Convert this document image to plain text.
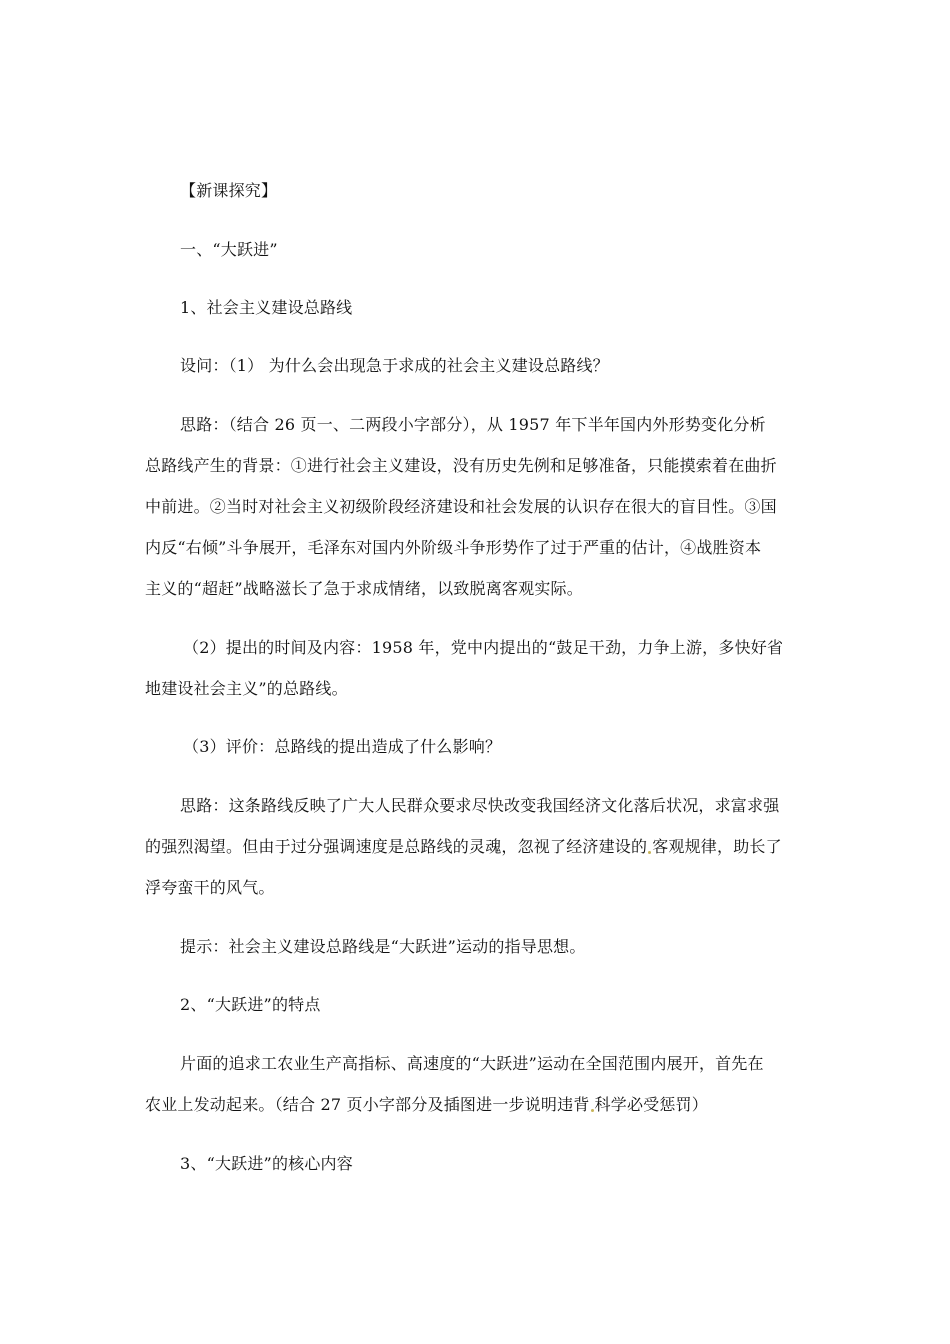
【新课探究】
一、“大跃进”
1、社会主义建设总路线
设问：（1） 为什么会出现急于求成的社会主义建设总路线？
思路：（结合 26 页一、二两段小字部分），从 1957 年下半年国内外形势变化分析
总路线产生的背景：①进行社会主义建设，没有历史先例和足够准备，只能摸索着在曲折
中前进。②当时对社会主义初级阶段经济建设和社会发展的认识存在很大的盲目性。③国
内反“右倾”斗争展开，毛泽东对国内外阶级斗争形势作了过于严重的估计，④战胜资本
主义的“超赶”战略滋长了急于求成情绪，以致脱离客观实际。
（2）提出的时间及内容：1958 年，党中内提出的“鼓足干劲，力争上游，多快好省
地建设社会主义”的总路线。
（3）评价：总路线的提出造成了什么影响？
思路：这条路线反映了广大人民群众要求尽快改变我国经济文化落后状况，求富求强
的强烈渴望。但由于过分强调速度是总路线的灵魂，忽视了经济建设的 客观规律，助长了
浮夸蛮干的风气。
提示：社会主义建设总路线是“大跃进”运动的指导思想。
2、“大跃进”的特点
片面的追求工农业生产高指标、高速度的“大跃进”运动在全国范围内展开，首先在
农业上发动起来。（结合 27 页小字部分及插图进一步说明违背 科学必受惩罚）
3、“大跃进”的核心内容
